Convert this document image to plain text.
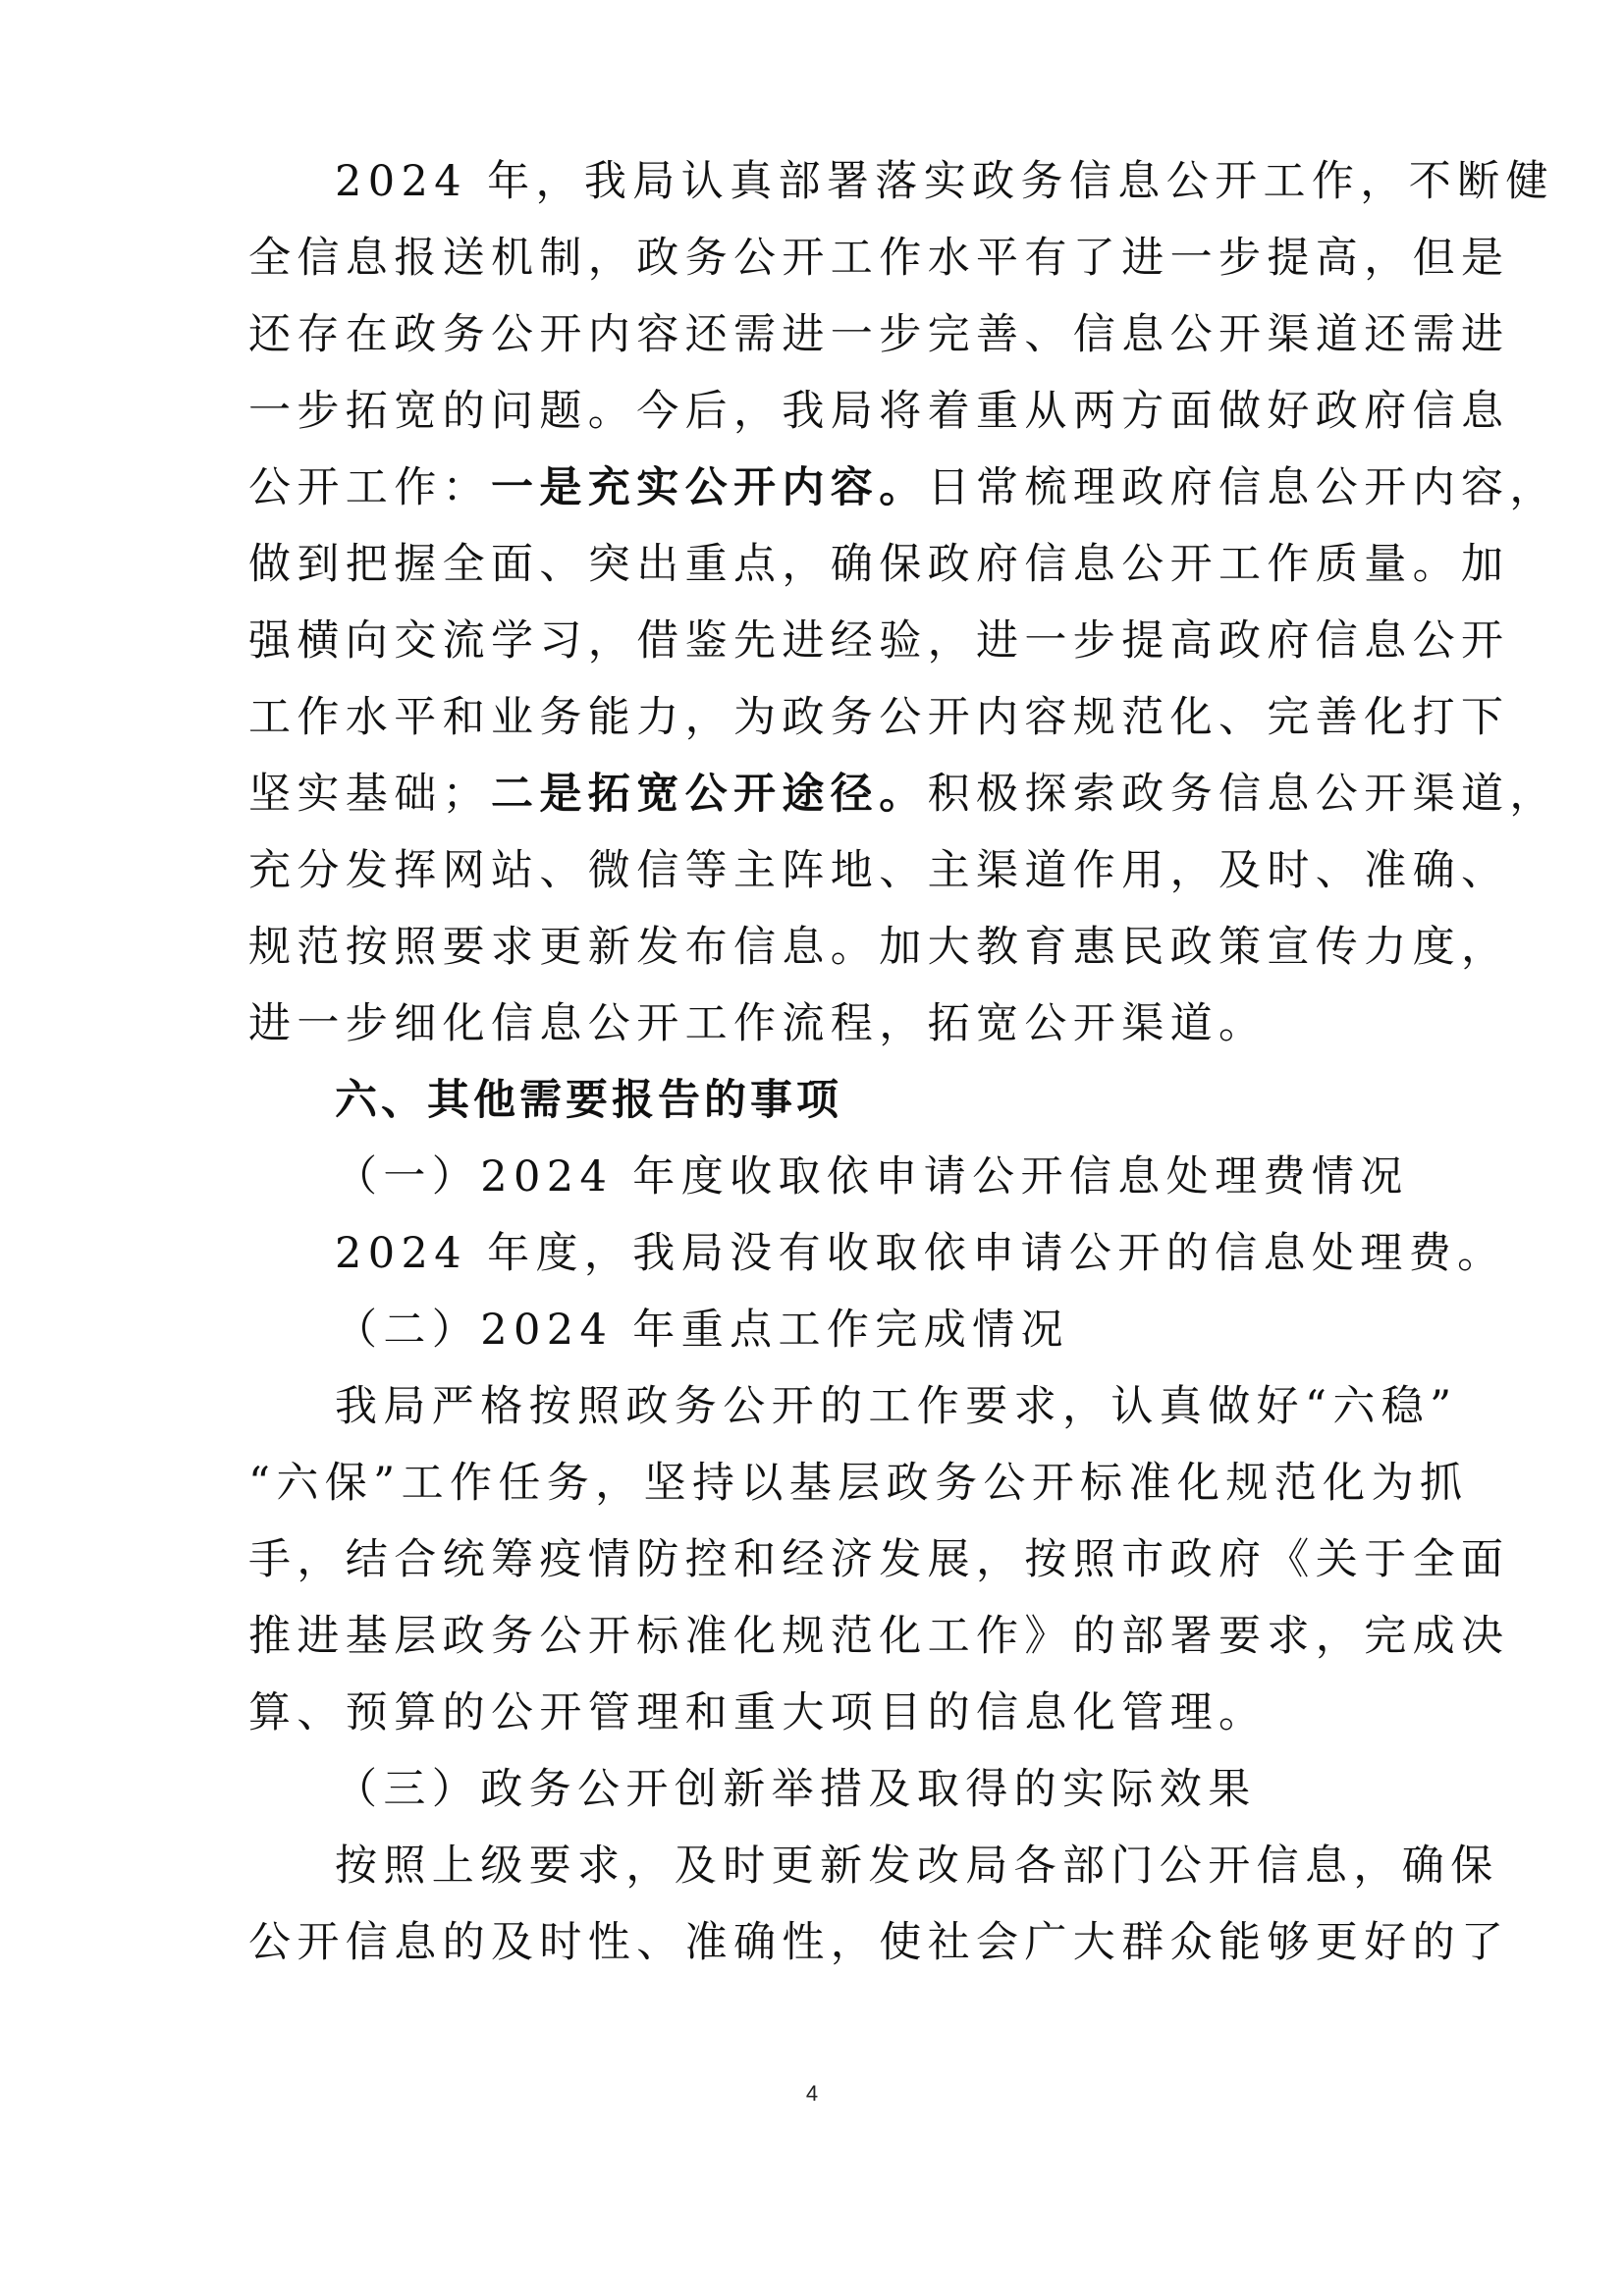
2024 年，我局认真部署落实政务信息公开工作，不断健
全信息报送机制，政务公开工作水平有了进一步提高，但是
还存在政务公开内容还需进一步完善、信息公开渠道还需进
一步拓宽的问题。今后，我局将着重从两方面做好政府信息
公开工作：一是充实公开内容。日常梳理政府信息公开内容，
做到把握全面、突出重点，确保政府信息公开工作质量。加
强横向交流学习，借鉴先进经验，进一步提高政府信息公开
工作水平和业务能力，为政务公开内容规范化、完善化打下
坚实基础；二是拓宽公开途径。积极探索政务信息公开渠道，
充分发挥网站、微信等主阵地、主渠道作用，及时、准确、
规范按照要求更新发布信息。加大教育惠民政策宣传力度，
进一步细化信息公开工作流程，拓宽公开渠道。
六、其他需要报告的事项
（一）2024 年度收取依申请公开信息处理费情况
2024 年度，我局没有收取依申请公开的信息处理费。
（二）2024 年重点工作完成情况
我局严格按照政务公开的工作要求，认真做好“六稳”
“六保”工作任务，坚持以基层政务公开标准化规范化为抓
手，结合统筹疫情防控和经济发展，按照市政府《关于全面
推进基层政务公开标准化规范化工作》的部署要求，完成决
算、预算的公开管理和重大项目的信息化管理。
（三）政务公开创新举措及取得的实际效果
按照上级要求，及时更新发改局各部门公开信息，确保
公开信息的及时性、准确性，使社会广大群众能够更好的了
4
